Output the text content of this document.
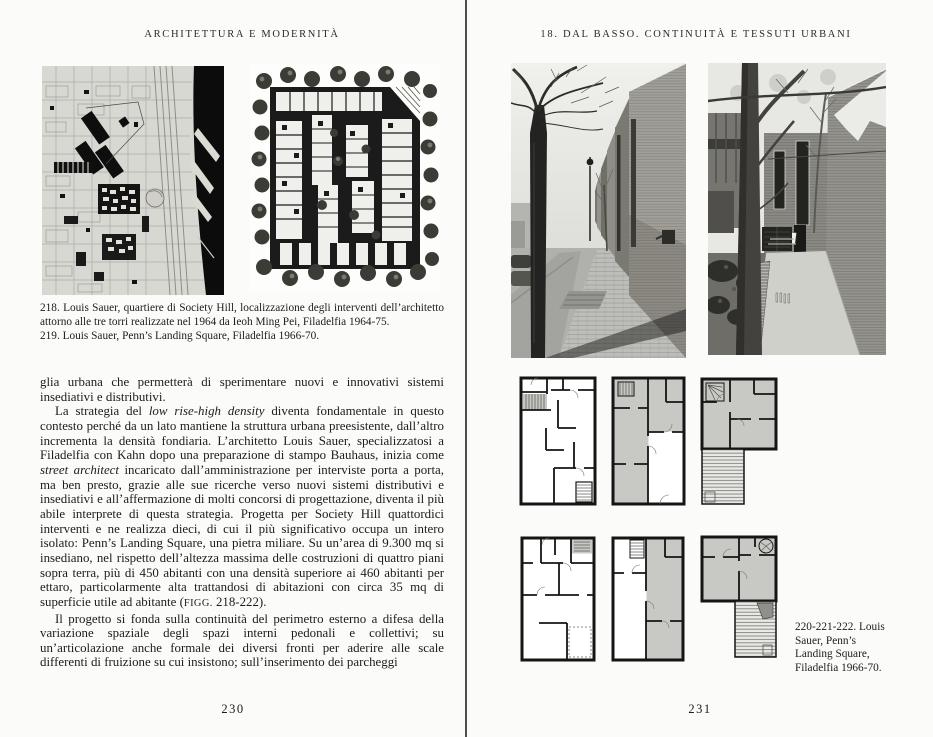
ARCHITETTURA E MODERNITÀ

218. Louis Sauer, quartiere di Society Hill, localizzazione degli interventi dell’architetto attorno alle tre torri realizzate nel 1964 da Ieoh Ming Pei, Filadelfia 1964-75.

219. Louis Sauer, Penn’s Landing Square, Filadelfia 1966-70.

glia urbana che permetterà di sperimentare nuovi e innovativi sistemi insediativi e distributivi.

La strategia del low rise-high density diventa fondamentale in questo contesto perché da un lato mantiene la struttura urbana preesistente, dall’altro incrementa la densità fondiaria. L’architetto Louis Sauer, specializzatosi a Filadelfia con Kahn dopo una preparazione di stampo Bauhaus, inizia come street architect incaricato dall’amministrazione per interviste porta a porta, ma ben presto, grazie alle sue ricerche verso nuovi sistemi distributivi e insediativi e all’affermazione di molti concorsi di progettazione, diventa il più abile interprete di questa strategia. Progetta per Society Hill quattordici interventi e ne realizza dieci, di cui il più significativo occupa un intero isolato: Penn’s Landing Square, una pietra miliare. Su un’area di 9.300 mq si insediano, nel rispetto dell’altezza massima delle costruzioni di quattro piani sopra terra, più di 450 abitanti con una densità superiore ai 460 abitanti per ettaro, particolarmente alta trattandosi di abitazioni con circa 35 mq di superficie utile ad abitante (FIGG. 218-222).

Il progetto si fonda sulla continuità del perimetro esterno a difesa della variazione spaziale degli spazi interni pedonali e collettivi; su un’articolazione anche formale dei diversi fronti per aderire alle scale differenti di fruizione su cui insistono; sull’inserimento dei parcheggi

230
18. DAL BASSO. CONTINUITÀ E TESSUTI URBANI
220-221-222. Louis Sauer, Penn’s Landing Square, Filadelfia 1966-70.
231
